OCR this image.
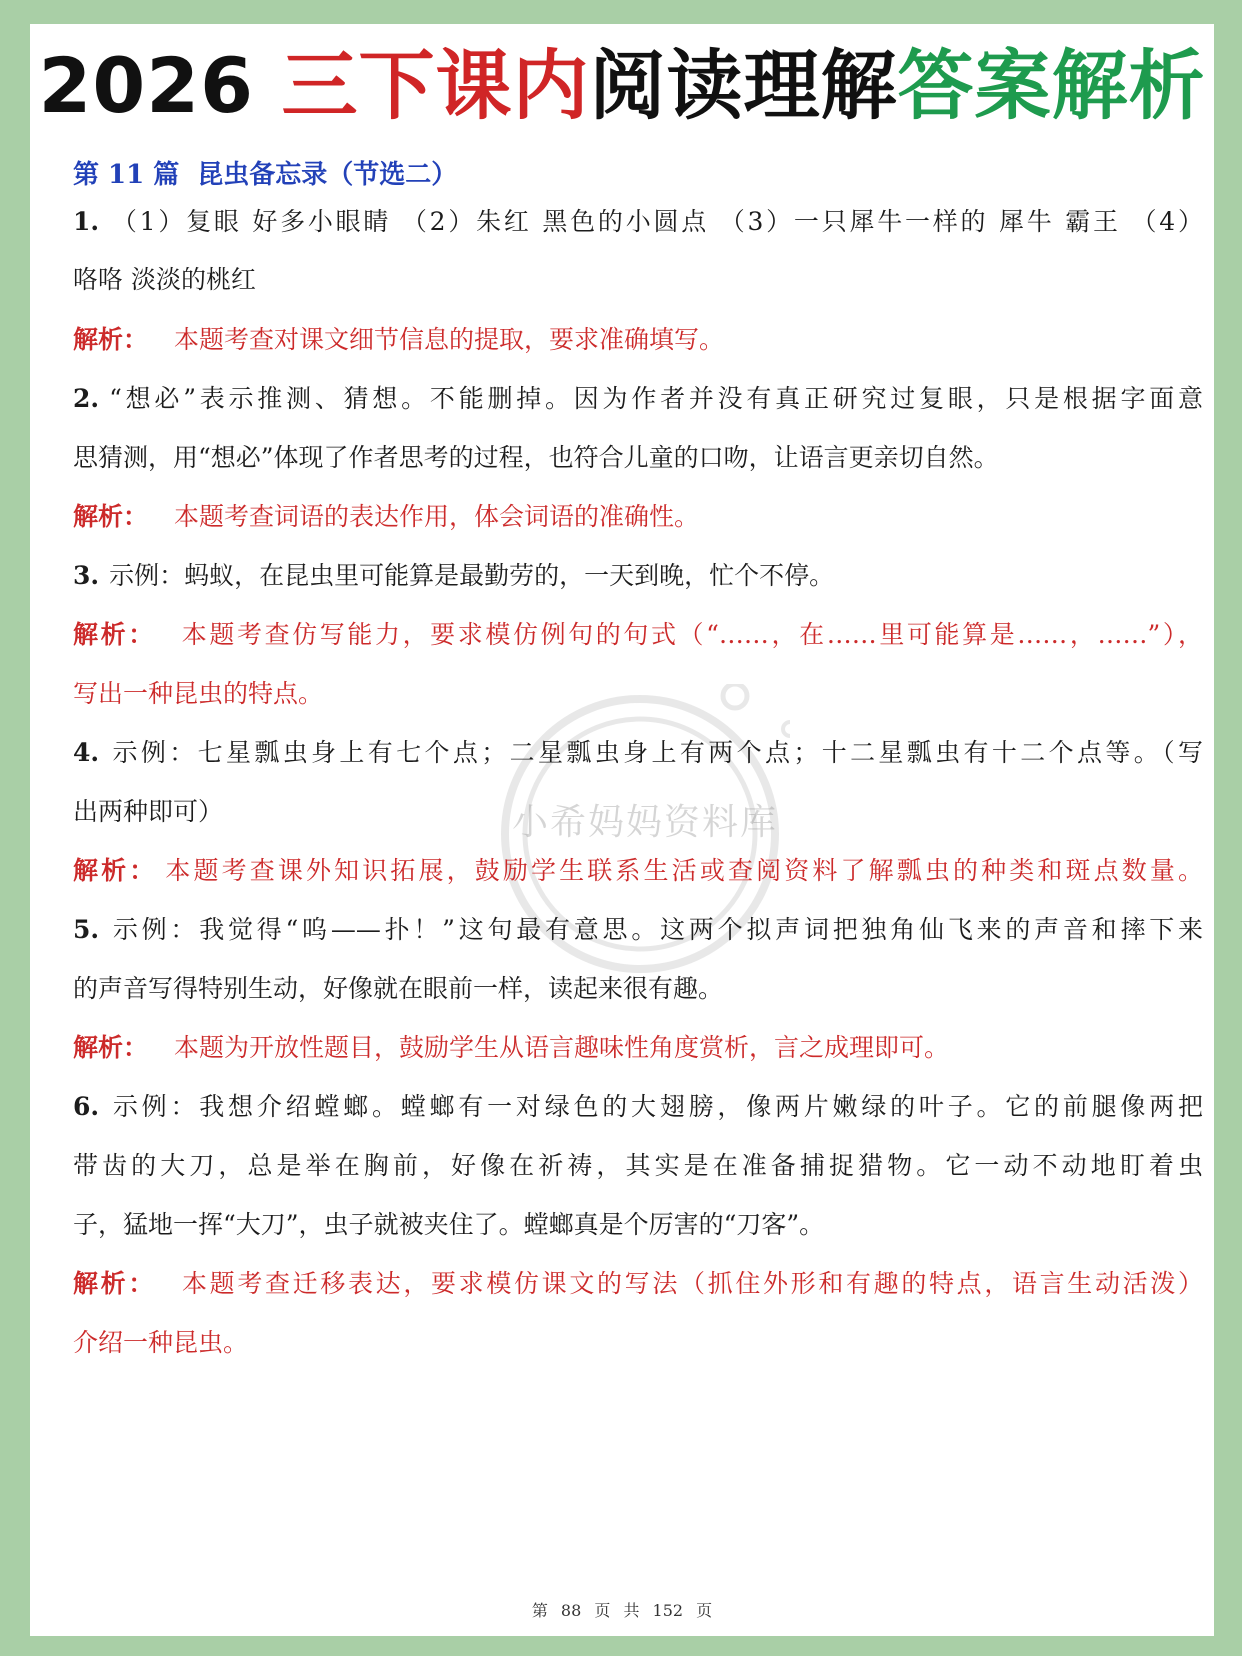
2026 三下课内阅读理解答案解析
第 11 篇 昆虫备忘录（节选二）
小希妈妈资料库
1. （1）复眼 好多小眼睛 （2）朱红 黑色的小圆点 （3）一只犀牛一样的 犀牛 霸王 （4）
咯咯 淡淡的桃红
解析： 本题考查对课文细节信息的提取，要求准确填写。
2. “想必”表示推测、猜想。不能删掉。因为作者并没有真正研究过复眼，只是根据字面意
思猜测，用“想必”体现了作者思考的过程，也符合儿童的口吻，让语言更亲切自然。
解析： 本题考查词语的表达作用，体会词语的准确性。
3. 示例：蚂蚁，在昆虫里可能算是最勤劳的，一天到晚，忙个不停。
解析： 本题考查仿写能力，要求模仿例句的句式（“……，在……里可能算是……，……”），
写出一种昆虫的特点。
4. 示例：七星瓢虫身上有七个点；二星瓢虫身上有两个点；十二星瓢虫有十二个点等。（写
出两种即可）
解析： 本题考查课外知识拓展，鼓励学生联系生活或查阅资料了解瓢虫的种类和斑点数量。
5. 示例：我觉得“呜——扑！”这句最有意思。这两个拟声词把独角仙飞来的声音和摔下来
的声音写得特别生动，好像就在眼前一样，读起来很有趣。
解析： 本题为开放性题目，鼓励学生从语言趣味性角度赏析，言之成理即可。
6. 示例：我想介绍螳螂。螳螂有一对绿色的大翅膀，像两片嫩绿的叶子。它的前腿像两把
带齿的大刀，总是举在胸前，好像在祈祷，其实是在准备捕捉猎物。它一动不动地盯着虫
子，猛地一挥“大刀”，虫子就被夹住了。螳螂真是个厉害的“刀客”。
解析： 本题考查迁移表达，要求模仿课文的写法（抓住外形和有趣的特点，语言生动活泼）
介绍一种昆虫。
第 88 页 共 152 页
